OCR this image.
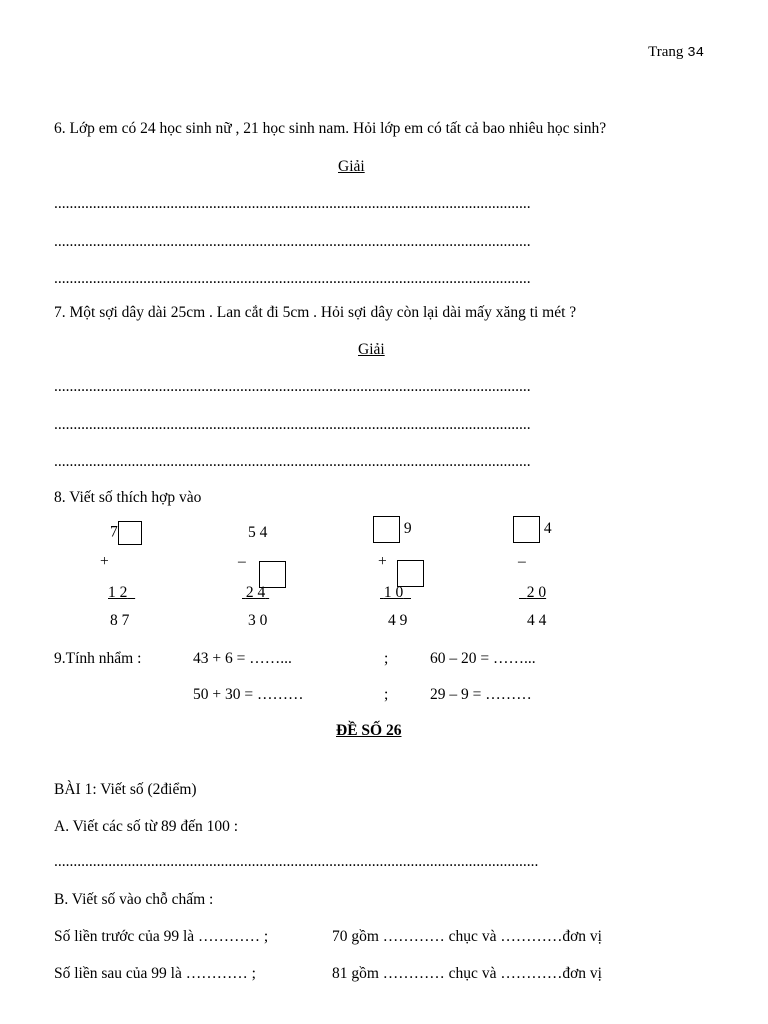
Trang 34
6. Lớp em có 24 học sinh nữ , 21 học sinh nam. Hỏi lớp em có tất cả bao nhiêu học sinh?
Giải
...........................................................................................................................
...........................................................................................................................
...........................................................................................................................
7. Một sợi dây dài 25cm . Lan cắt đi 5cm . Hỏi sợi dây còn lại dài mấy xăng ti mét ?
Giải
...........................................................................................................................
...........................................................................................................................
...........................................................................................................................
8. Viết số thích hợp vào
7
+
1 2
8 7
5 4
–
2 4
3 0
9
+
1 0
4 9
4
–
2 0
4 4
9.Tính nhẩm :	43 + 6 = ……...	;	60 – 20 = ……...
50 + 30 = ………	;	29 – 9 = ………
ĐỀ SỐ 26
BÀI 1: Viết số (2điểm)
A. Viết các số từ 89 đến 100 :
.............................................................................................................................
B. Viết số vào chỗ chấm :
Số liền trước của 99 là ………… ;	70 gồm ………… chục và …………đơn vị
Số liền sau của 99 là ………… ;	81 gồm ………… chục và …………đơn vị
